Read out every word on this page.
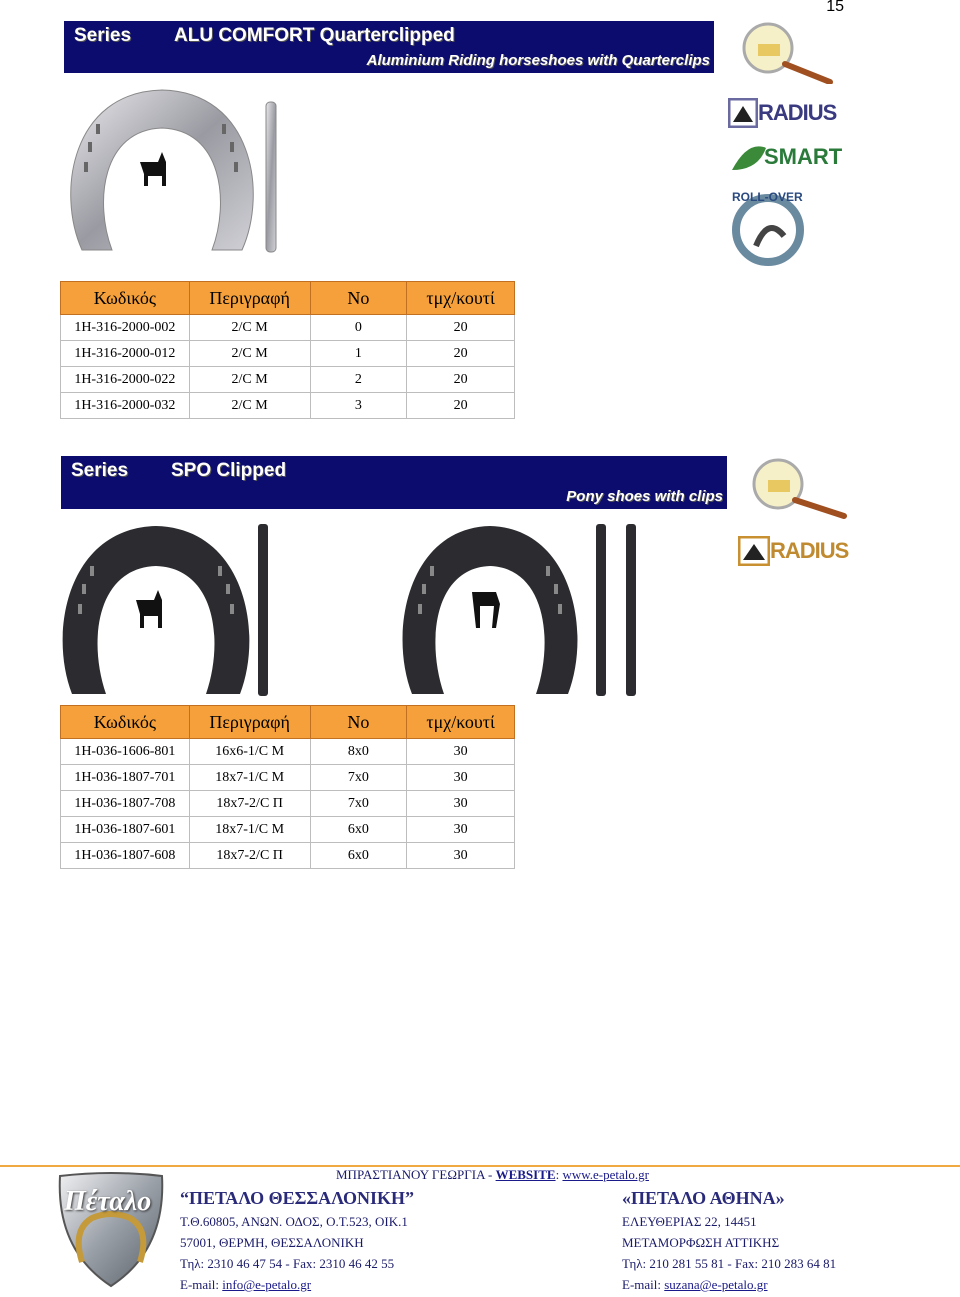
15
Series ALU COMFORT Quarterclipped
Aluminium Riding horseshoes with Quarterclips
RADIUS
SMART
ROLL-OVER
Κωδικός	Περιγραφή	No	τμχ/κουτί
1H-316-2000-002	2/C M	0	20
1H-316-2000-012	2/C M	1	20
1H-316-2000-022	2/C M	2	20
1H-316-2000-032	2/C M	3	20
Series SPO Clipped
Pony shoes with clips
RADIUS
Κωδικός	Περιγραφή	No	τμχ/κουτί
1H-036-1606-801	16x6-1/C M	8x0	30
1H-036-1807-701	18x7-1/C M	7x0	30
1H-036-1807-708	18x7-2/C Π	7x0	30
1H-036-1807-601	18x7-1/C M	6x0	30
1H-036-1807-608	18x7-2/C Π	6x0	30
Πέταλο
ΜΠΡΑΣΤΙΑΝΟΥ ΓΕΩΡΓΙΑ - WEBSITE: www.e-petalo.gr
“ΠΕΤΑΛΟ ΘΕΣΣΑΛΟΝΙΚΗ”
Τ.Θ.60805, ΑΝΩΝ. ΟΔΟΣ, Ο.Τ.523, ΟΙΚ.1
57001, ΘΕΡΜΗ, ΘΕΣΣΑΛΟΝΙΚΗ
Τηλ: 2310 46 47 54 - Fax: 2310 46 42 55
E-mail: info@e-petalo.gr
«ΠΕΤΑΛΟ ΑΘΗΝΑ»
ΕΛΕΥΘΕΡΙΑΣ 22, 14451
ΜΕΤΑΜΟΡΦΩΣΗ ΑΤΤΙΚΗΣ
Τηλ: 210 281 55 81 - Fax: 210 283 64 81
E-mail: suzana@e-petalo.gr
